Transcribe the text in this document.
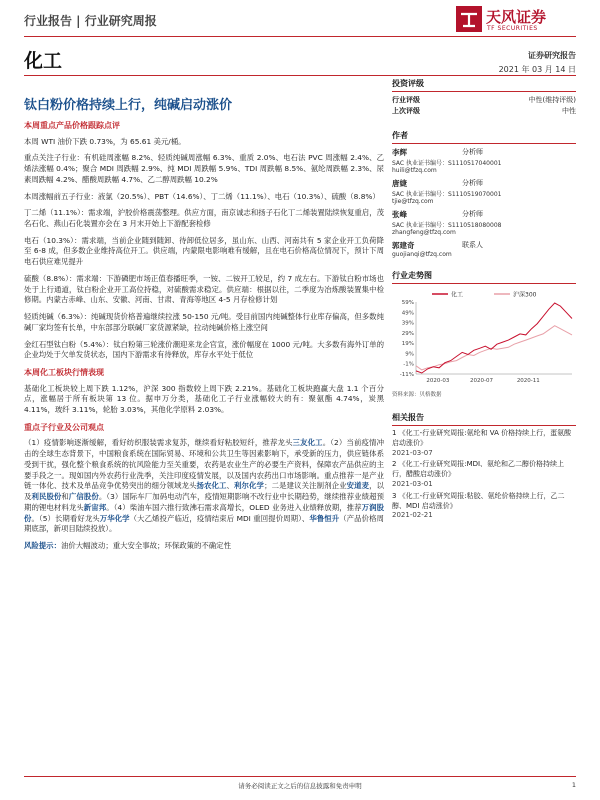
行业报告 | 行业研究周报	天风证券
TF SECURITIES
化工	证券研究报告
2021 年 03 月 14 日
钛白粉价格持续上行，纯碱启动涨价
本周重点产品价格跟踪点评
本周 WTI 油价下跌 0.73%，为 65.61 美元/桶。
重点关注子行业：有机硅周涨幅 8.2%、轻质纯碱周涨幅 6.3%、重质 2.0%、电石法 PVC 周涨幅 2.4%、乙烯法涨幅 0.4%；聚合 MDI 周跌幅 2.9%、纯 MDI 周跌幅 5.9%、TDI 周跌幅 8.5%、氨纶周跌幅 2.3%、尿素周跌幅 4.2%、醋酸周跌幅 4.7%、乙二醇周跌幅 10.2%
本周涨幅前五子行业：液氯（20.5%）、PBT（14.6%）、丁二烯（11.1%）、电石（10.3%）、硫酸（8.8%）
丁二烯（11.1%）：需求端，沪胶价格震荡整理。供应方面，南京诚志和扬子石化丁二烯装置陆续恢复重启，茂名石化、燕山石化装置亦会在 3 月末开始上下游配套检修
电石（10.3%）：需求端，当前企业随到随卸、待卸低位居多，虽山东、山西、河南共有 5 家企业开工负荷降至 6-8 成，但多数企业维持高位开工。供应端，内蒙限电影响难有缓解，且在电石价格高位情况下，预计下周电石供应难见提升
硫酸（8.8%）：需求端：下游磷肥市场正值春播旺季，一铵、二铵开工较足，约 7 成左右。下游钛白粉市场也处于上行通道，钛白粉企业开工高位持稳，对硫酸需求稳定。供应端：根据以往，二季度为冶炼酸装置集中检修期。内蒙古赤峰、山东、安徽、河南、甘肃、青海等地区 4-5 月存检修计划
轻质纯碱（6.3%）：纯碱现货价格普遍继续拉涨 50-150 元/吨。受目前国内纯碱整体行业库存偏高，但多数纯碱厂家均签有长单，中东部部分联碱厂家货源紧缺，拉动纯碱价格上涨空间
金红石型钛白粉（5.4%）：钛白粉第三轮涨价潮迎来龙企官宣，涨价幅度在 1000 元/吨。大多数有海外订单的企业均处于欠单发货状态，国内下游需求有待释放，库存水平处于低位
本周化工板块行情表现
基础化工板块较上周下跌 1.12%，沪深 300 指数较上周下跌 2.21%。基础化工板块跑赢大盘 1.1 个百分点，涨幅居于所有板块第 13 位。据申万分类，基础化工子行业涨幅较大的有：聚氨酯 4.74%，炭黑 4.11%，玻纤 3.11%，轮胎 3.03%，其他化学原料 2.03%。
重点子行业及公司观点
（1）疫情影响逐渐缓解，看好纺织服装需求复苏，继续看好粘胶短纤，推荐龙头三友化工。（2）当前疫情冲击的全球生态背景下，中国粮食系统在国际贸易、环境和公共卫生等因素影响下，承受新的压力，供应链体系受到干扰，强化整个粮食系统的抗风险能力至关重要，农药是农业生产的必要生产资料，保障农产品供应的主要手段之一。现如国内外农药行业洗季，关注印度疫情发展，以及国内农药出口市场影响。重点推荐一是产业链一体化、技术及单品竞争优势突出的细分领域龙头扬农化工、利尔化学；二是建议关注制剂企业安道麦，以及利民股份和广信股份。（3）国际车厂加码电动汽车，疫情短期影响不改行业中长期趋势，继续推荐业绩超预期的锂电材料龙头新宙邦。（4）柴油车国六推行致沸石需求高增长，OLED 业务进入业绩释放期，推荐万润股份。（5）长期看好龙头万华化学（大乙烯投产临近，疫情结束后 MDI 重回提价周期）、华鲁恒升（产品价格周期底部，新项目陆续投放）。
风险提示：油价大幅波动；重大安全事故；环保政策的不确定性
投资评级
行业评级	中性(维持评级)
上次评级	中性
作者
李辉	分析师
SAC 执业证书编号：S1110517040001
huili@tfzq.com
唐婕	分析师
SAC 执业证书编号：S1110519070001
tjie@tfzq.com
张峰	分析师
SAC 执业证书编号：S1110518080008
zhangfeng@tfzq.com
郭建奇	联系人
guojianqi@tfzq.com
行业走势图
化工	沪深300
59%
49%
39%
29%
19%
9%
-1%
-11%
2020-03	2020-07	2020-11
资料来源：贝格数据
相关报告
1 《化工-行业研究周报:氨纶和 VA 价格持续上行，蛋氨酸启动涨价》
2021-03-07
2 《化工-行业研究周报:MDI、氨纶和乙二醇价格持续上行，醋酸启动涨价》
2021-03-01
3 《化工-行业研究周报:粘胶、氨纶价格持续上行，乙二醇、MDI 启动涨价》
2021-02-21
请务必阅读正文之后的信息披露和免责申明	1
